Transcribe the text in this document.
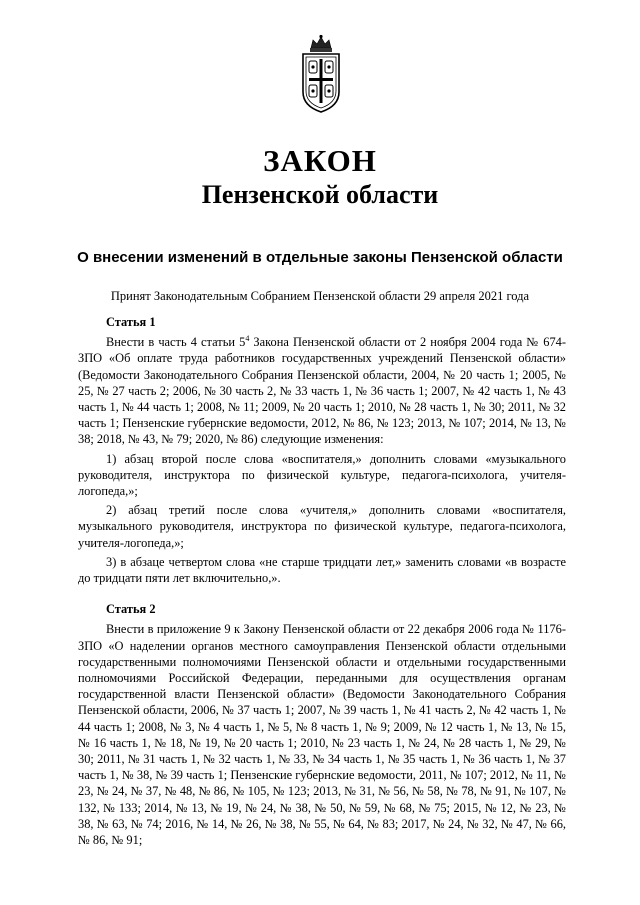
ЗАКОН
Пензенской области
О внесении изменений в отдельные законы Пензенской области
Принят Законодательным Собранием Пензенской области 29 апреля 2021 года
Статья 1

Внести в часть 4 статьи $5^4$ Закона Пензенской области от 2 ноября 2004 года № 674-ЗПО «Об оплате труда работников государственных учреждений Пензенской области» (Ведомости Законодательного Собрания Пензенской области, 2004, № 20 часть 1; 2005, № 25, № 27 часть 2; 2006, № 30 часть 2, № 33 часть 1, № 36 часть 1; 2007, № 42 часть 1, № 43 часть 1, № 44 часть 1; 2008, № 11; 2009, № 20 часть 1; 2010, № 28 часть 1, № 30; 2011, № 32 часть 1; Пензенские губернские ведомости, 2012, № 86, № 123; 2013, № 107; 2014, № 13, № 38; 2018, № 43, № 79; 2020, № 86) следующие изменения:

1) абзац второй после слова «воспитателя,» дополнить словами «музыкального руководителя, инструктора по физической культуре, педагога-психолога, учителя-логопеда,»;

2) абзац третий после слова «учителя,» дополнить словами «воспитателя, музыкального руководителя, инструктора по физической культуре, педагога-психолога, учителя-логопеда,»;

3) в абзаце четвертом слова «не старше тридцати лет,» заменить словами «в возрасте до тридцати пяти лет включительно,».

Статья 2

Внести в приложение 9 к Закону Пензенской области от 22 декабря 2006 года № 1176-ЗПО «О наделении органов местного самоуправления Пензенской области отдельными государственными полномочиями Пензенской области и отдельными государственными полномочиями Российской Федерации, переданными для осуществления органам государственной власти Пензенской области» (Ведомости Законодательного Собрания Пензенской области, 2006, № 37 часть 1; 2007, № 39 часть 1, № 41 часть 2, № 42 часть 1, № 44 часть 1; 2008, № 3, № 4 часть 1, № 5, № 8 часть 1, № 9; 2009, № 12 часть 1, № 13, № 15, № 16 часть 1, № 18, № 19, № 20 часть 1; 2010, № 23 часть 1, № 24, № 28 часть 1, № 29, № 30; 2011, № 31 часть 1, № 32 часть 1, № 33, № 34 часть 1, № 35 часть 1, № 36 часть 1, № 37 часть 1, № 38, № 39 часть 1; Пензенские губернские ведомости, 2011, № 107; 2012, № 11, № 23, № 24, № 37, № 48, № 86, № 105, № 123; 2013, № 31, № 56, № 58, № 78, № 91, № 107, № 132, № 133; 2014, № 13, № 19, № 24, № 38, № 50, № 59, № 68, № 75; 2015, № 12, № 23, № 38, № 63, № 74; 2016, № 14, № 26, № 38, № 55, № 64, № 83; 2017, № 24, № 32, № 47, № 66, № 86, № 91;
